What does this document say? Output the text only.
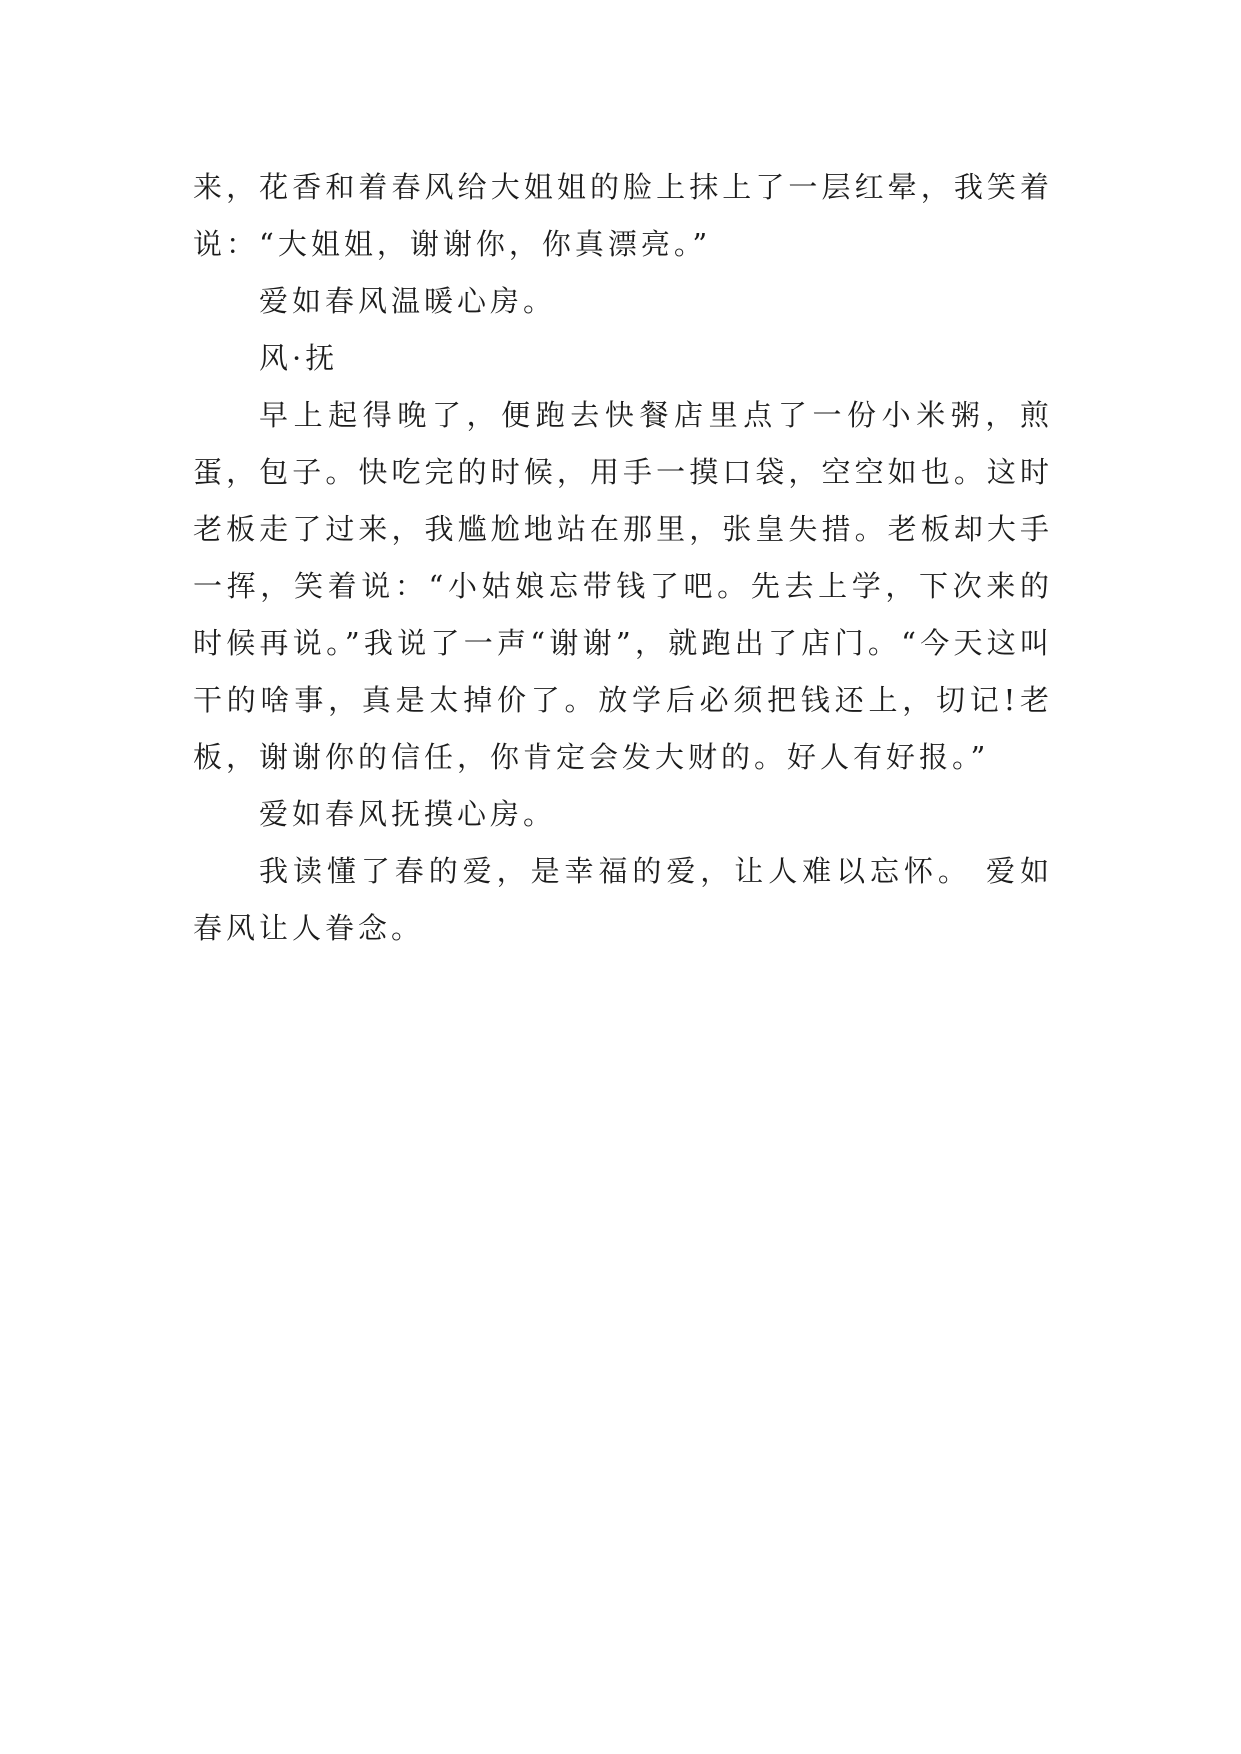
来，花香和着春风给大姐姐的脸上抹上了一层红晕，我笑着说：“大姐姐，谢谢你，你真漂亮。”

爱如春风温暖心房。

风·抚

早上起得晚了，便跑去快餐店里点了一份小米粥，煎蛋，包子。快吃完的时候，用手一摸口袋，空空如也。这时老板走了过来，我尴尬地站在那里，张皇失措。老板却大手一挥，笑着说：“小姑娘忘带钱了吧。先去上学，下次来的时候再说。”我说了一声“谢谢”，就跑出了店门。“今天这叫干的啥事，真是太掉价了。放学后必须把钱还上，切记!老板，谢谢你的信任，你肯定会发大财的。好人有好报。”

爱如春风抚摸心房。

我读懂了春的爱，是幸福的爱，让人难以忘怀。 爱如春风让人眷念。
